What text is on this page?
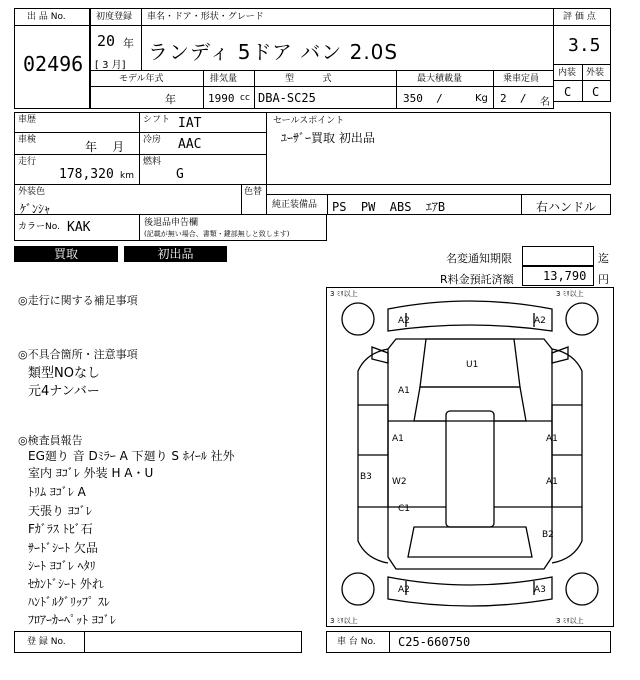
出 品 No.
02496
初度登録
20 年
[ 3 月]
車名・ドア・形状・グレード
ランディ 5ドア バン 2.0S
評 価 点
3.5
内装 外装
C C
モデル年式
年
排気量
1990 cc
型          式
DBA-SC25
最大積載量
350  /	Kg
乗車定員
2  / 名
車歴	シフト IAT
車検	年    月 冷房 AAC
走行
178,320 km
燃料
G
セールスポイント
ﾕｰｻﾞｰ買取 初出品
外装色
ｹﾞﾝｼｬ
色替
純正装備品 PS  PW  ABS  ｴｱB	右ハンドル
カラーNo. KAK	後退品申告欄
(記載が無い場合、書類・鍵部無しと致します)
買取	初出品	名変通知期限	迄
R料金預託済額 13,790 円
◎走行に関する補足事項
◎不具合箇所・注意事項
類型NOなし
元4ナンバー
◎検査員報告
EG廻り 音 Dﾐﾗｰ A 下廻り S ﾎｲｰﾙ 社外
室内 ﾖｺﾞﾚ 外装 H A・U
ﾄﾘﾑ ﾖｺﾞﾚ A
天張り ﾖｺﾞﾚ
Fｶﾞﾗｽ ﾄﾋﾞ石
ｻｰﾄﾞｼｰﾄ 欠品
ｼｰﾄ ﾖｺﾞﾚ ﾍﾀﾘ
ｾｶﾝﾄﾞｼｰﾄ 外れ
ﾊﾝﾄﾞﾙｸﾞﾘｯﾌﾟ ｽﾚ
ﾌﾛｱｰｶｰﾍﾟｯﾄ ﾖｺﾞﾚ
3 ﾐﾘ以上	3 ﾐﾘ以上
3 ﾐﾘ以上	3 ﾐﾘ以上
A2	A2
U1
A1
A1	A1
W2
B3	A1
C1
B2
A2	A3
登 録 No.	車 台 No. C25-660750
